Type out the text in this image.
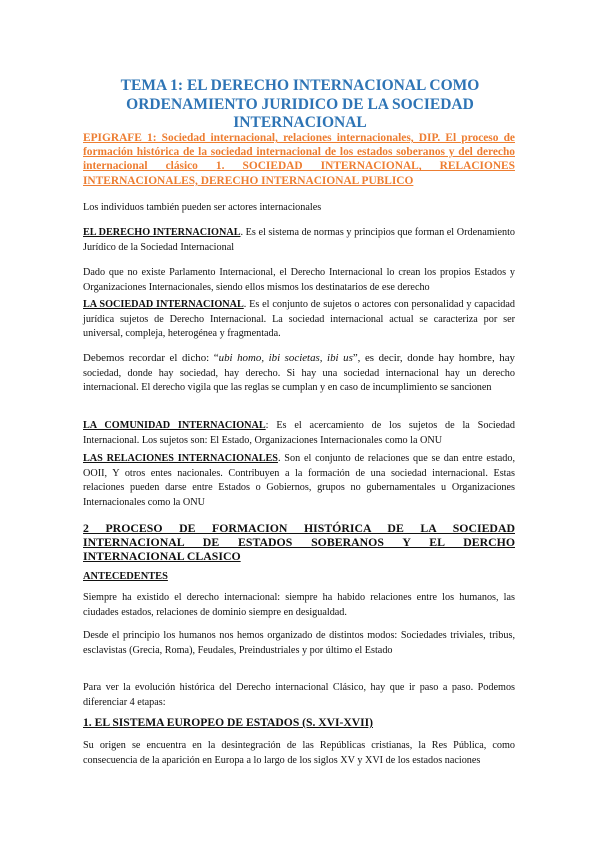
TEMA 1: EL DERECHO INTERNACIONAL COMO ORDENAMIENTO JURIDICO DE LA SOCIEDAD INTERNACIONAL
EPIGRAFE 1: Sociedad internacional, relaciones internacionales, DIP. El proceso de formación histórica de la sociedad internacional de los estados soberanos y del derecho internacional clásico 1. SOCIEDAD INTERNACIONAL, RELACIONES INTERNACIONALES, DERECHO INTERNACIONAL PUBLICO

Los individuos también pueden ser actores internacionales

EL DERECHO INTERNACIONAL. Es el sistema de normas y principios que forman el Ordenamiento Jurídico de la Sociedad Internacional

Dado que no existe Parlamento Internacional, el Derecho Internacional lo crean los propios Estados y Organizaciones Internacionales, siendo ellos mismos los destinatarios de ese derecho

LA SOCIEDAD INTERNACIONAL. Es el conjunto de sujetos o actores con personalidad y capacidad jurídica sujetos de Derecho Internacional. La sociedad internacional actual se caracteriza por ser universal, compleja, heterogénea y fragmentada.

Debemos recordar el dicho: “ubi homo, ibi societas, ibi us”, es decir, donde hay hombre, hay sociedad, donde hay sociedad, hay derecho. Si hay una sociedad internacional hay un derecho internacional. El derecho vigila que las reglas se cumplan y en caso de incumplimiento se sancionen

LA COMUNIDAD INTERNACIONAL: Es el acercamiento de los sujetos de la Sociedad Internacional. Los sujetos son: El Estado, Organizaciones Internacionales como la ONU

LAS RELACIONES INTERNACIONALES. Son el conjunto de relaciones que se dan entre estado, OOII, Y otros entes nacionales. Contribuyen a la formación de una sociedad internacional. Estas relaciones pueden darse entre Estados o Gobiernos, grupos no gubernamentales u Organizaciones Internacionales como la ONU

2 PROCESO DE FORMACION HISTÓRICA DE LA SOCIEDAD INTERNACIONAL DE ESTADOS SOBERANOS Y EL DERCHO INTERNACIONAL CLASICO

ANTECEDENTES

Siempre ha existido el derecho internacional: siempre ha habido relaciones entre los humanos, las ciudades estados, relaciones de dominio siempre en desigualdad.

Desde el principio los humanos nos hemos organizado de distintos modos: Sociedades triviales, tribus, esclavistas (Grecia, Roma), Feudales, Preindustriales y por último el Estado

Para ver la evolución histórica del Derecho internacional Clásico, hay que ir paso a paso. Podemos diferenciar 4 etapas:

1. EL SISTEMA EUROPEO DE ESTADOS (S. XVI-XVII)

Su origen se encuentra en la desintegración de las Repúblicas cristianas, la Res Pública, como consecuencia de la aparición en Europa a lo largo de los siglos XV y XVI de los estados naciones
